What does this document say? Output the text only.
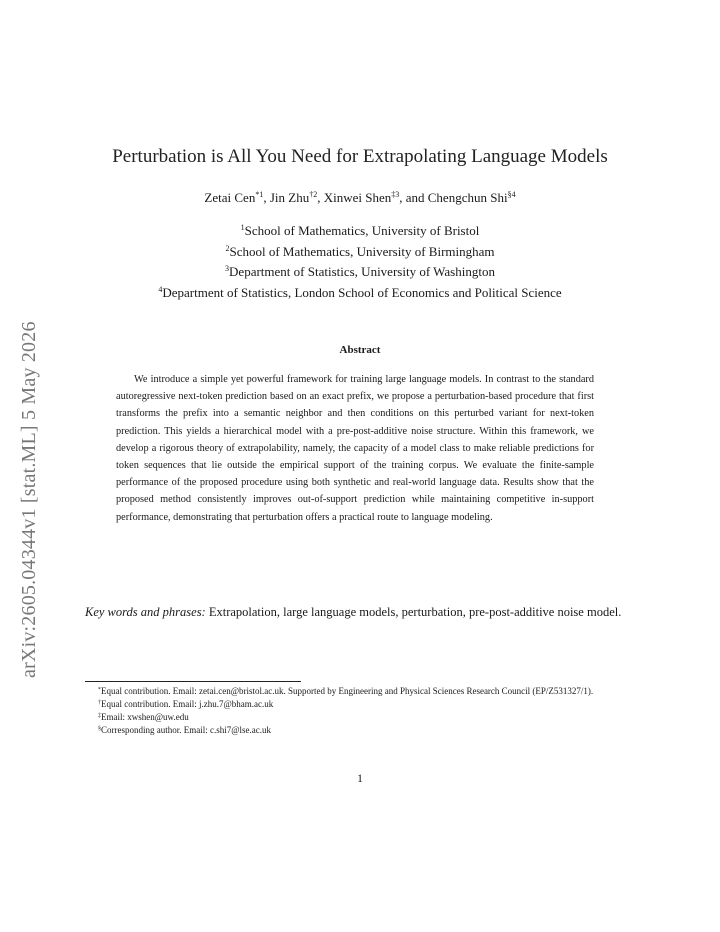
arXiv:2605.04344v1 [stat.ML] 5 May 2026
Perturbation is All You Need for Extrapolating Language Models
Zetai Cen$^{*1}$, Jin Zhu$^{\dagger 2}$, Xinwei Shen$^{\ddagger 3}$, and Chengchun Shi$^{\S 4}$
$^1$School of Mathematics, University of Bristol
$^2$School of Mathematics, University of Birmingham
$^3$Department of Statistics, University of Washington
$^4$Department of Statistics, London School of Economics and Political Science
Abstract
We introduce a simple yet powerful framework for training large language models. In contrast to the standard autoregressive next-token prediction based on an exact prefix, we propose a perturbation-based procedure that first transforms the prefix into a semantic neighbor and then conditions on this perturbed variant for next-token prediction. This yields a hierarchical model with a pre-post-additive noise structure. Within this framework, we develop a rigorous theory of extrapolability, namely, the capacity of a model class to make reliable predictions for token sequences that lie outside the empirical support of the training corpus. We evaluate the finite-sample performance of the proposed procedure using both synthetic and real-world language data. Results show that the proposed method consistently improves out-of-support prediction while maintaining competitive in-support performance, demonstrating that perturbation offers a practical route to language modeling.
Key words and phrases: Extrapolation, large language models, perturbation, pre-post-additive noise model.
*Equal contribution. Email: zetai.cen@bristol.ac.uk. Supported by Engineering and Physical Sciences Research Council (EP/Z531327/1).
†Equal contribution. Email: j.zhu.7@bham.ac.uk
‡Email: xwshen@uw.edu
§Corresponding author. Email: c.shi7@lse.ac.uk
1
